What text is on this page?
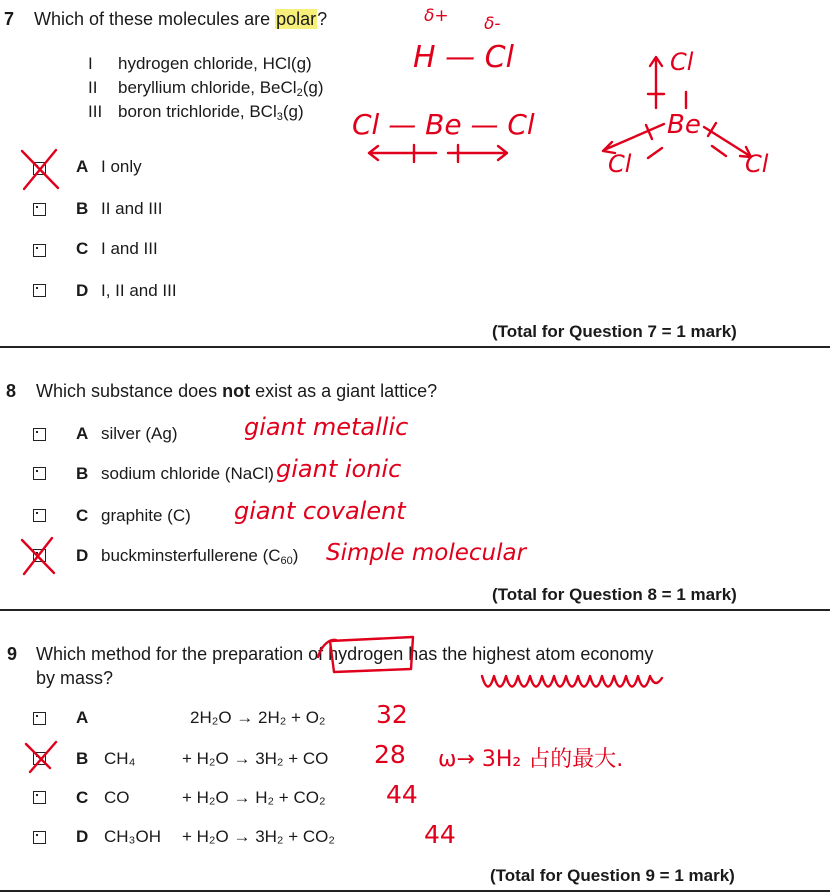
7 Which of these molecules are polar?
I hydrogen chloride, HCl(g)
II beryllium chloride, BeCl$_2$(g)
III boron trichloride, BCl$_3$(g)
A I only
B II and III
C I and III
D I, II and III
(Total for Question 7 = 1 mark)
δ+ δ-
H — Cl
Cl — Be — Cl
Cl
Be
Cl	Cl
8 Which substance does not exist as a giant lattice?
A silver (Ag)	giant metallic
B sodium chloride (NaCl) giant ionic
C graphite (C) giant covalent
D buckminsterfullerene $(C_{60})$ Simple molecular
(Total for Question 8 = 1 mark)
9 Which method for the preparation of hydrogen has the highest atom economy
by mass?
A	2H₂O → 2H₂ + O₂ 32
B CH₄	+ H₂O → 3H₂ + CO 28 ω→ 3H₂ 占的最大.
C CO	+ H₂O → H₂ + CO₂ 44
D CH₃OH + H₂O → 3H₂ + CO₂	44
(Total for Question 9 = 1 mark)
